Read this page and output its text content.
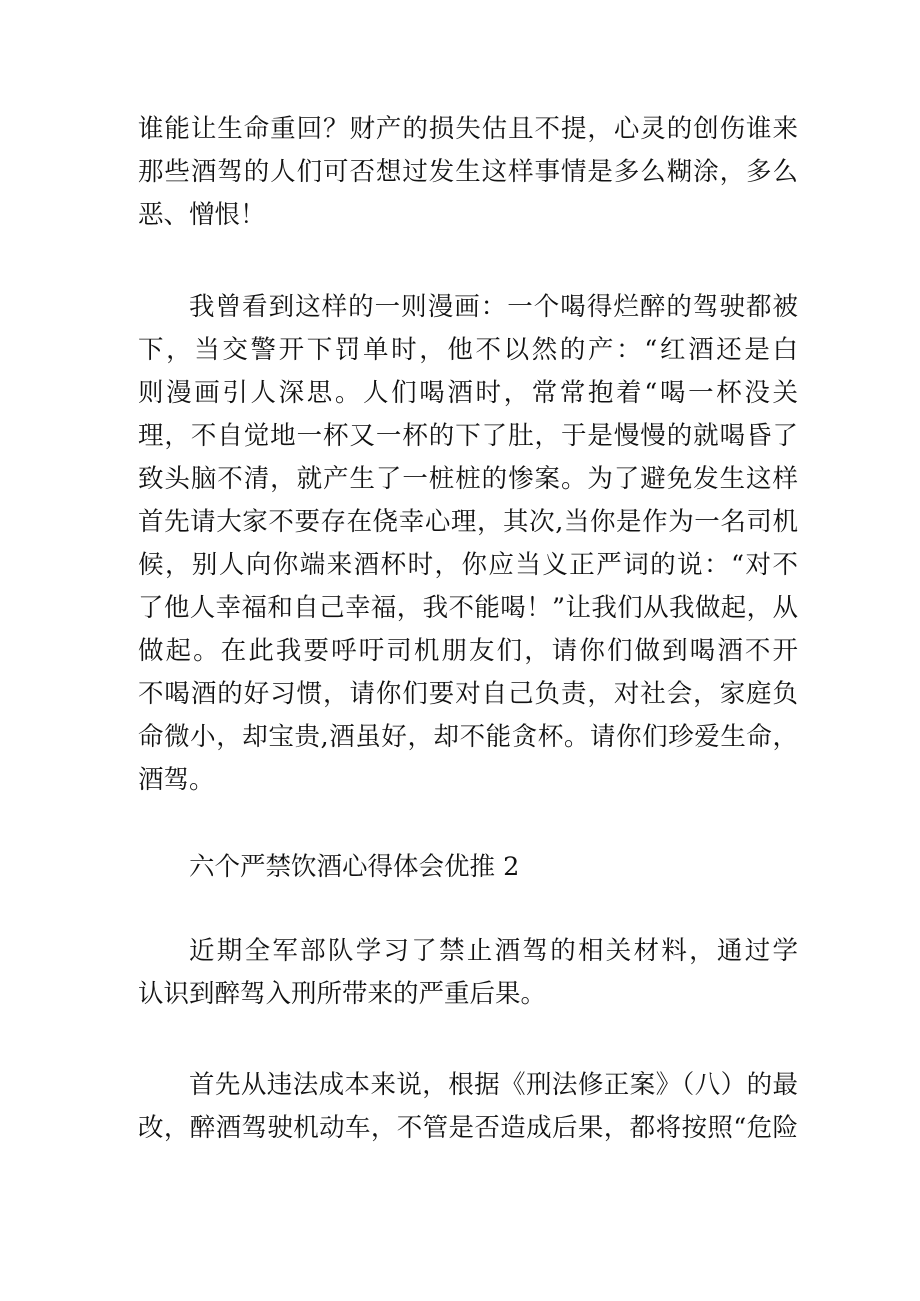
谁能让生命重回？财产的损失估且不提，心灵的创伤谁来
那些酒驾的人们可否想过发生这样事情是多么糊涂，多么
恶、憎恨！
我曾看到这样的一则漫画：一个喝得烂醉的驾驶都被
下，当交警开下罚单时，他不以然的产：“红酒还是白
则漫画引人深思。人们喝酒时，常常抱着“喝一杯没关
理，不自觉地一杯又一杯的下了肚，于是慢慢的就喝昏了
致头脑不清，就产生了一桩桩的惨案。为了避免发生这样
首先请大家不要存在侥幸心理，其次,当你是作为一名司机
候，别人向你端来酒杯时，你应当义正严词的说：“对不
了他人幸福和自己幸福，我不能喝！”让我们从我做起，从
做起。在此我要呼吁司机朋友们，请你们做到喝酒不开
不喝酒的好习惯，请你们要对自己负责，对社会，家庭负
命微小，却宝贵,酒虽好，却不能贪杯。请你们珍爱生命，
酒驾。
六个严禁饮酒心得体会优推 2
近期全军部队学习了禁止酒驾的相关材料，通过学
认识到醉驾入刑所带来的严重后果。
首先从违法成本来说，根据《刑法修正案》（八）的最
改，醉酒驾驶机动车，不管是否造成后果，都将按照“危险
